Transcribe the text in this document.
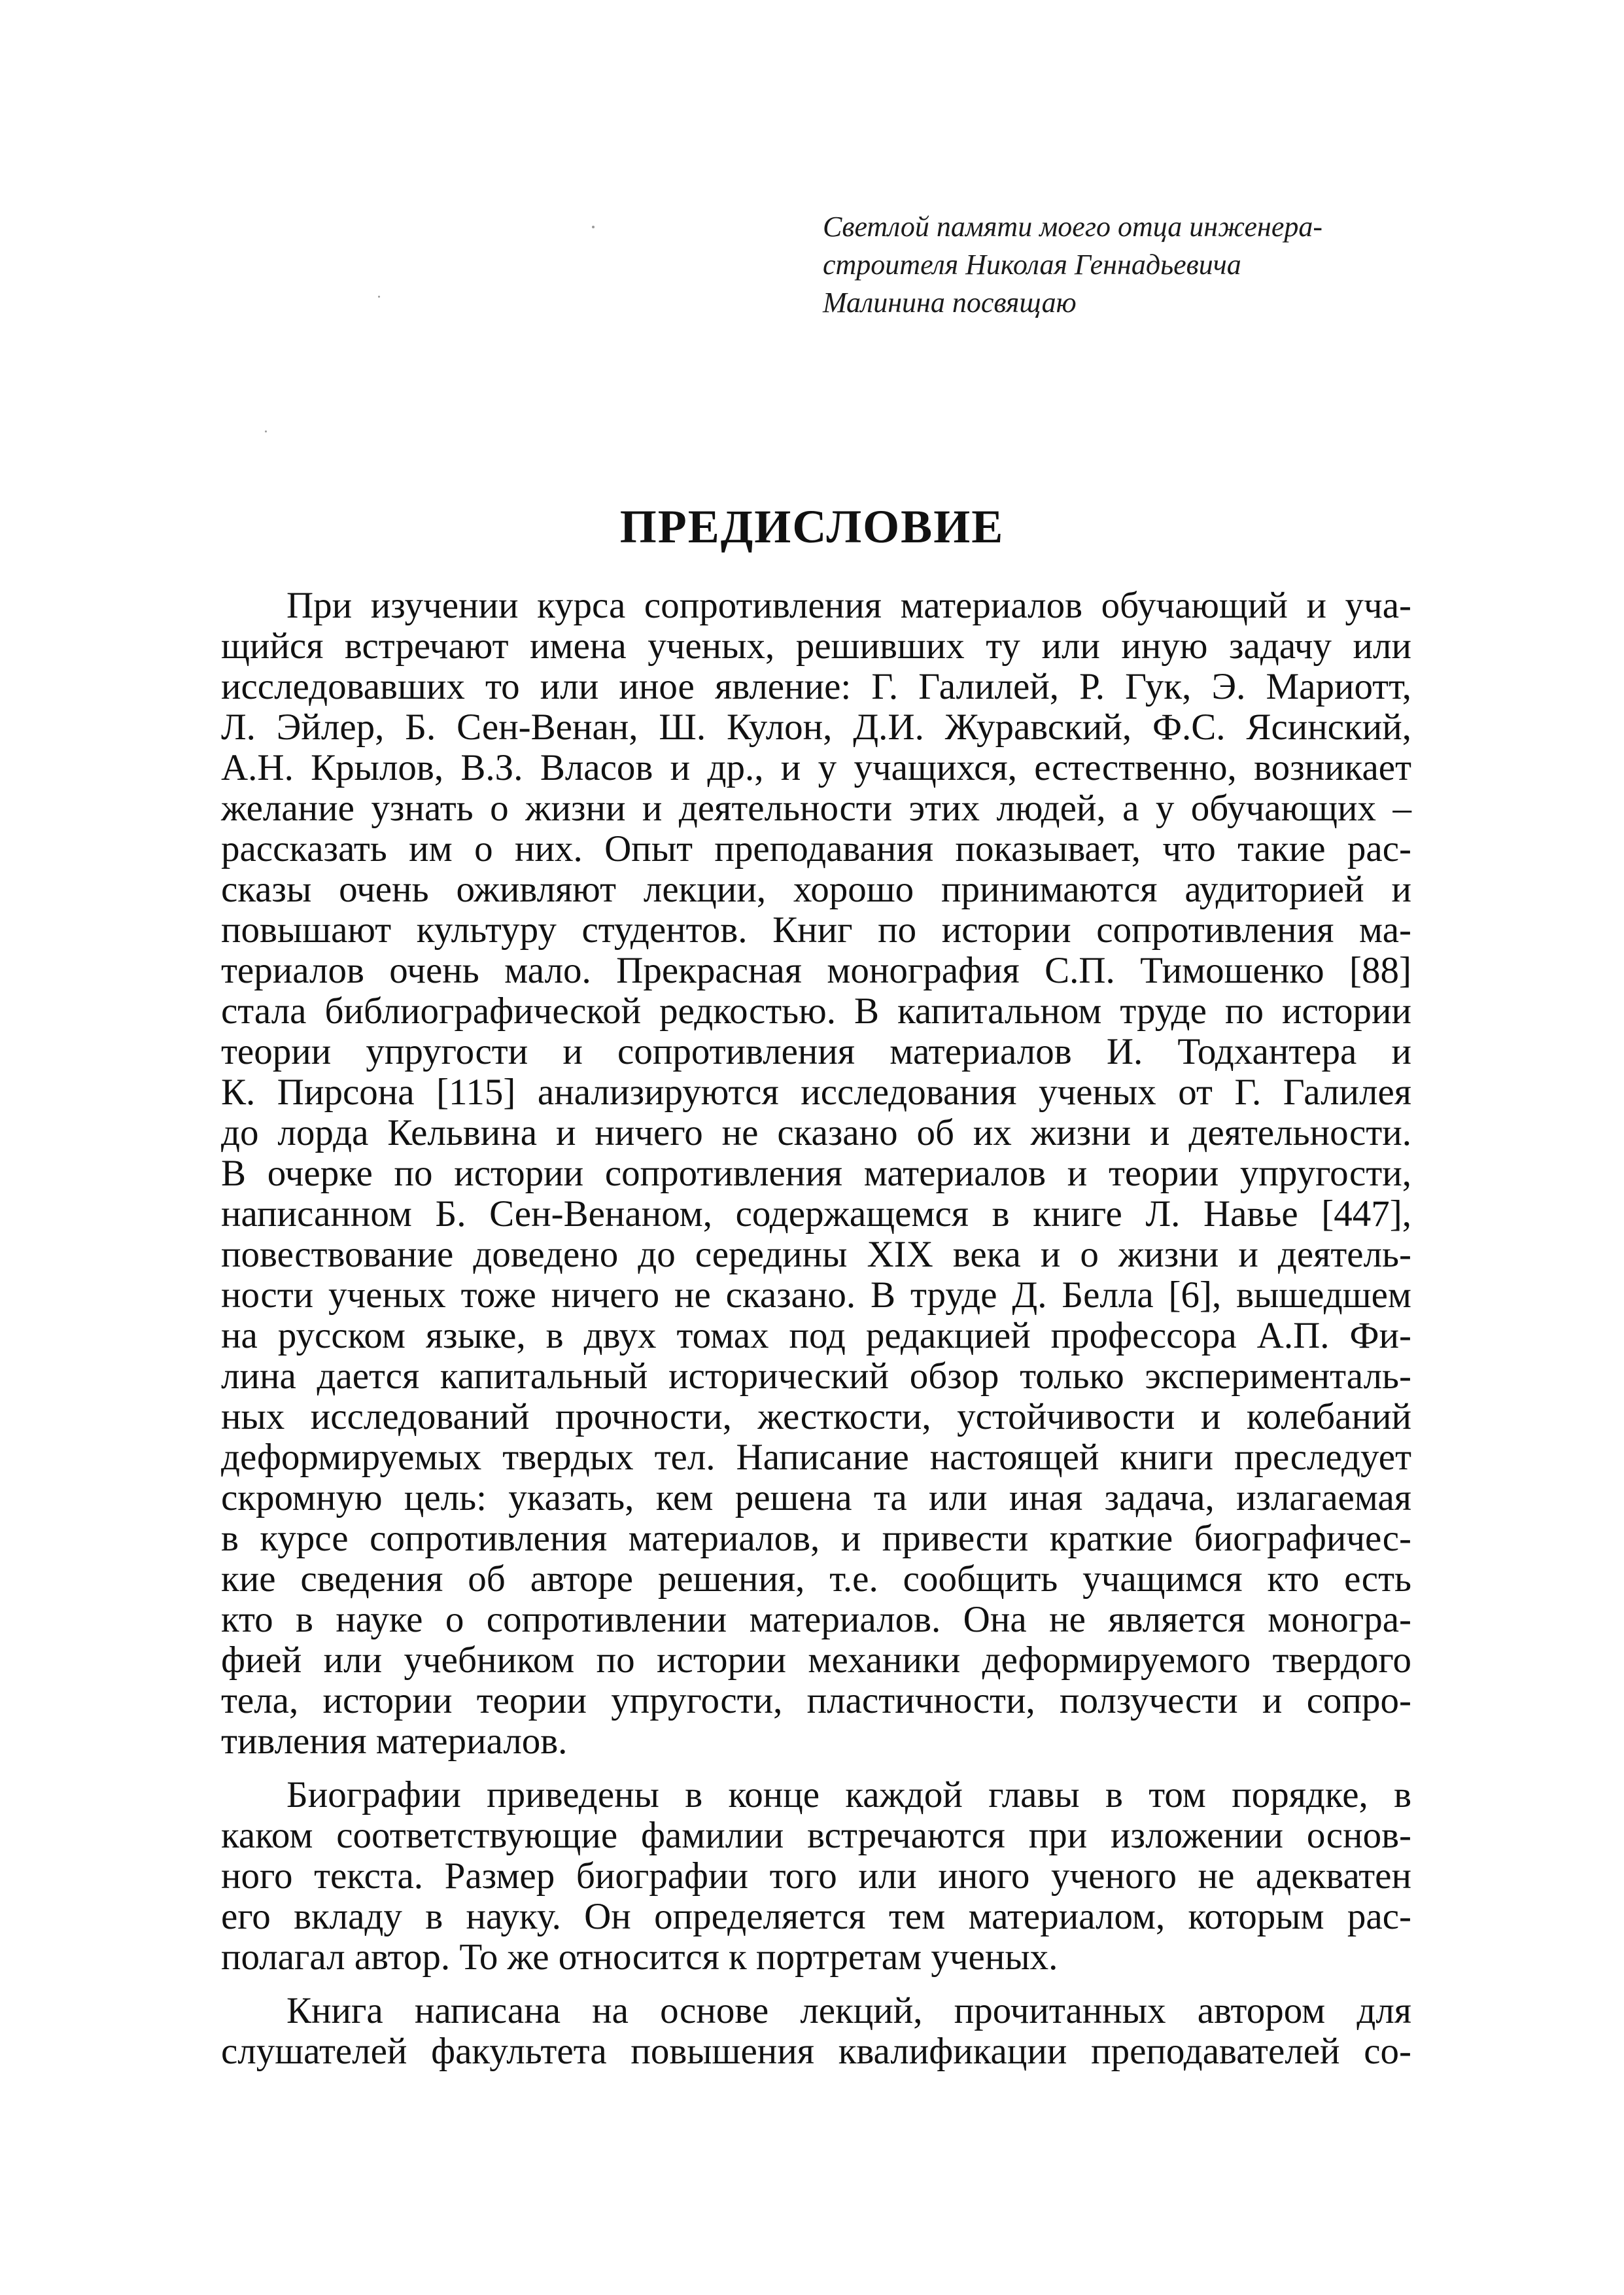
Светлой памяти моего отца инженера-
строителя Николая Геннадьевича
Малинина посвящаю
ПРЕДИСЛОВИЕ
При изучении курса сопротивления материалов обучающий и уча-
щийся встречают имена ученых, решивших ту или иную задачу или
исследовавших то или иное явление: Г. Галилей, Р. Гук, Э. Мариотт,
Л. Эйлер, Б. Сен-Венан, Ш. Кулон, Д.И. Журавский, Ф.С. Ясинский,
А.Н. Крылов, В.З. Власов и др., и у учащихся, естественно, возникает
желание узнать о жизни и деятельности этих людей, а у обучающих –
рассказать им о них. Опыт преподавания показывает, что такие рас-
сказы очень оживляют лекции, хорошо принимаются аудиторией и
повышают культуру студентов. Книг по истории сопротивления ма-
териалов очень мало. Прекрасная монография С.П. Тимошенко [88]
стала библиографической редкостью. В капитальном труде по истории
теории упругости и сопротивления материалов И. Тодхантера и
К. Пирсона [115] анализируются исследования ученых от Г. Галилея
до лорда Кельвина и ничего не сказано об их жизни и деятельности.
В очерке по истории сопротивления материалов и теории упругости,
написанном Б. Сен-Венаном, содержащемся в книге Л. Навье [447],
повествование доведено до середины XIX века и о жизни и деятель-
ности ученых тоже ничего не сказано. В труде Д. Белла [6], вышедшем
на русском языке, в двух томах под редакцией профессора А.П. Фи-
лина дается капитальный исторический обзор только эксперименталь-
ных исследований прочности, жесткости, устойчивости и колебаний
деформируемых твердых тел. Написание настоящей книги преследует
скромную цель: указать, кем решена та или иная задача, излагаемая
в курсе сопротивления материалов, и привести краткие биографичес-
кие сведения об авторе решения, т.е. сообщить учащимся кто есть
кто в науке о сопротивлении материалов. Она не является моногра-
фией или учебником по истории механики деформируемого твердого
тела, истории теории упругости, пластичности, ползучести и сопро-
тивления материалов.
Биографии приведены в конце каждой главы в том порядке, в
каком соответствующие фамилии встречаются при изложении основ-
ного текста. Размер биографии того или иного ученого не адекватен
его вкладу в науку. Он определяется тем материалом, которым рас-
полагал автор. То же относится к портретам ученых.
Книга написана на основе лекций, прочитанных автором для
слушателей факультета повышения квалификации преподавателей со-
